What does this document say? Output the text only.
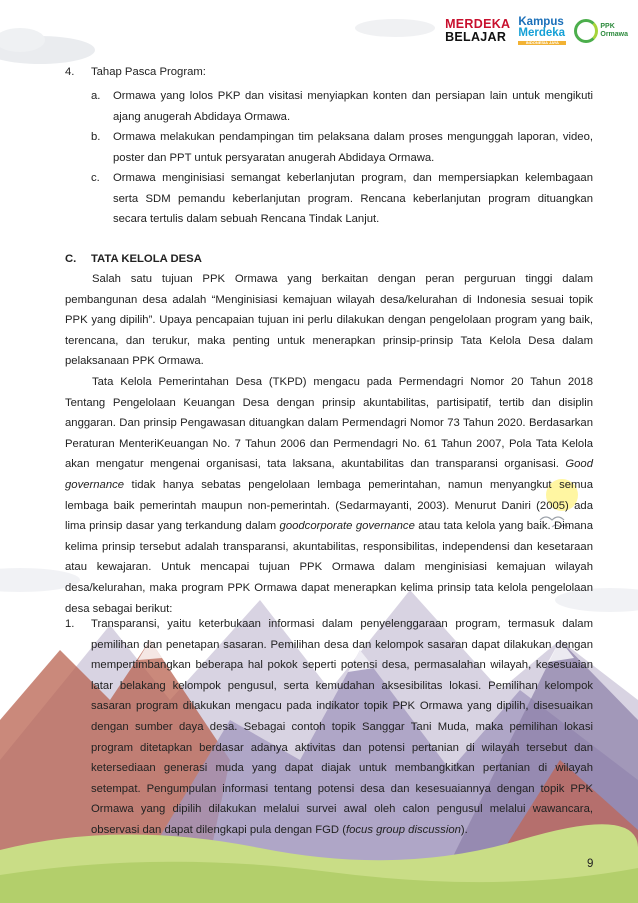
MERDEKA
BELAJAR
Kampus
Merdeka
INDONESIA JAYA
PPK
Ormawa
4. Tahap Pasca Program:
a. Ormawa yang lolos PKP dan visitasi menyiapkan konten dan persiapan lain untuk mengikuti ajang anugerah Abdidaya Ormawa.
b. Ormawa melakukan pendampingan tim pelaksana dalam proses mengunggah laporan, video, poster dan PPT untuk persyaratan anugerah Abdidaya Ormawa.
c. Ormawa menginisiasi semangat keberlanjutan program, dan mempersiapkan kelembagaan serta SDM pemandu keberlanjutan program. Rencana keberlanjutan program dituangkan secara tertulis dalam sebuah Rencana Tindak Lanjut.
C. TATA KELOLA DESA
Salah satu tujuan PPK Ormawa yang berkaitan dengan peran perguruan tinggi dalam pembangunan desa adalah “Menginisiasi kemajuan wilayah desa/kelurahan di Indonesia sesuai topik PPK yang dipilih”. Upaya pencapaian tujuan ini perlu dilakukan dengan pengelolaan program yang baik, terencana, dan terukur, maka penting untuk menerapkan prinsip-prinsip Tata Kelola Desa dalam pelaksanaan PPK Ormawa.
Tata Kelola Pemerintahan Desa (TKPD) mengacu pada Permendagri Nomor 20 Tahun 2018 Tentang Pengelolaan Keuangan Desa dengan prinsip akuntabilitas, partisipatif, tertib dan disiplin anggaran. Dan prinsip Pengawasan dituangkan dalam Permendagri Nomor 73 Tahun 2020. Berdasarkan Peraturan MenteriKeuangan No. 7 Tahun 2006 dan Permendagri No. 61 Tahun 2007, Pola Tata Kelola akan mengatur mengenai organisasi, tata laksana, akuntabilitas dan transparansi organisasi. Good governance tidak hanya sebatas pengelolaan lembaga pemerintahan, namun menyangkut semua lembaga baik pemerintah maupun non-pemerintah. (Sedarmayanti, 2003). Menurut Daniri (2005) ada lima prinsip dasar yang terkandung dalam goodcorporate governance atau tata kelola yang baik. Dimana kelima prinsip tersebut adalah transparansi, akuntabilitas, responsibilitas, independensi dan kesetaraan atau kewajaran. Untuk mencapai tujuan PPK Ormawa dalam menginisiasi kemajuan wilayah desa/kelurahan, maka program PPK Ormawa dapat menerapkan kelima prinsip tata kelola pengelolaan desa sebagai berikut:
1. Transparansi, yaitu keterbukaan informasi dalam penyelenggaraan program, termasuk dalam pemilihan dan penetapan sasaran. Pemilihan desa dan kelompok sasaran dapat dilakukan dengan mempertimbangkan beberapa hal pokok seperti potensi desa, permasalahan wilayah, kesesuaian latar belakang kelompok pengusul, serta kemudahan aksesibilitas lokasi. Pemilihan kelompok sasaran program dilakukan mengacu pada indikator topik PPK Ormawa yang dipilih, disesuaikan dengan sumber daya desa. Sebagai contoh topik Sanggar Tani Muda, maka pemilihan lokasi program ditetapkan berdasar adanya aktivitas dan potensi pertanian di wilayah tersebut dan ketersediaan generasi muda yang dapat diajak untuk membangkitkan pertanian di wilayah setempat. Pengumpulan informasi tentang potensi desa dan kesesuaiannya dengan topik PPK Ormawa yang dipilih dilakukan melalui survei awal oleh calon pengusul melalui wawancara, observasi dan dapat dilengkapi pula dengan FGD (focus group discussion).
9
